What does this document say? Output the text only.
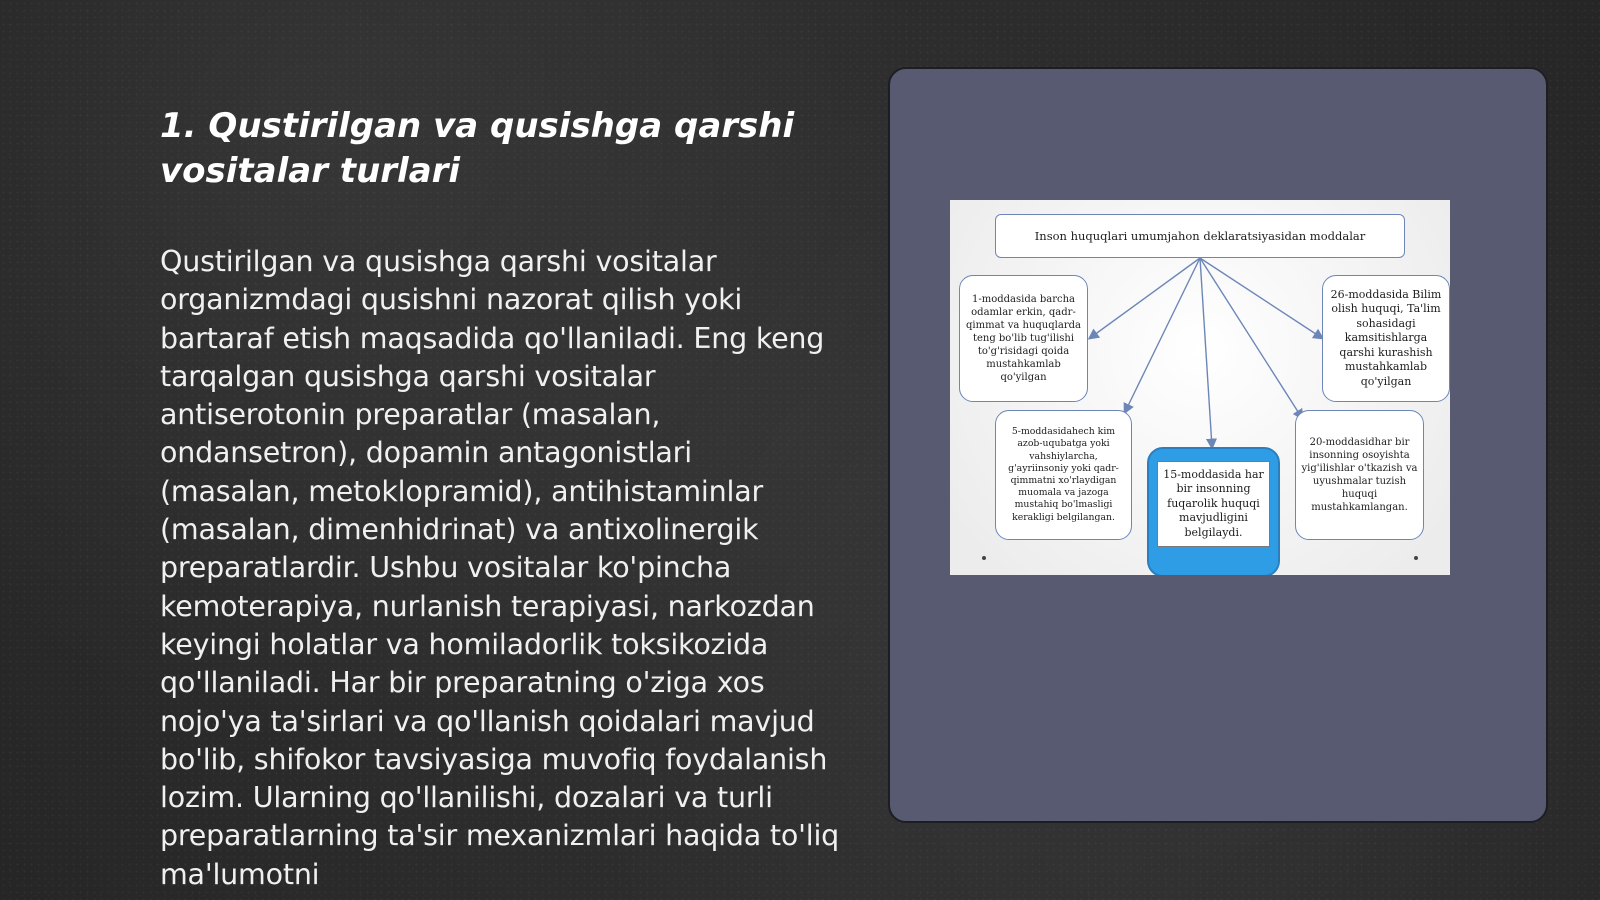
1. Qustirilgan va qusishga qarshi vositalar turlari

Qustirilgan va qusishga qarshi vositalar organizmdagi qusishni nazorat qilish yoki bartaraf etish maqsadida qo'llaniladi. Eng keng tarqalgan qusishga qarshi vositalar antiserotonin preparatlar (masalan, ondansetron), dopamin antagonistlari (masalan, metoklopramid), antihistaminlar (masalan, dimenhidrinat) va antixolinergik preparatlardir. Ushbu vositalar ko'pincha kemoterapiya, nurlanish terapiyasi, narkozdan keyingi holatlar va homiladorlik toksikozida qo'llaniladi. Har bir preparatning o'ziga xos nojo'ya ta'sirlari va qo'llanish qoidalari mavjud bo'lib, shifokor tavsiyasiga muvofiq foydalanish lozim. Ularning qo'llanilishi, dozalari va turli preparatlarning ta'sir mexanizmlari haqida to'liq ma'lumotni

Inson huquqlari umumjahon deklaratsiyasidan moddalar
1-moddasida barcha odamlar erkin, qadr-qimmat va huquqlarda teng bo'lib tug'ilishi to'g'risidagi qoida mustahkamlab qo'yilgan
26-moddasida Bilim olish huquqi, Ta'lim sohasidagi kamsitishlarga qarshi kurashish mustahkamlab qo'yilgan
5-moddasidahech kim azob-uqubatga yoki vahshiylarcha, g'ayriinsoniy yoki qadr-qimmatni xo'rlaydigan muomala va jazoga mustahiq bo'lmasligi kerakligi belgilangan.
15-moddasida har bir insonning fuqarolik huquqi mavjudligini belgilaydi.
20-moddasidhar bir insonning osoyishta yig'ilishlar o'tkazish va uyushmalar tuzish huquqi mustahkamlangan.
